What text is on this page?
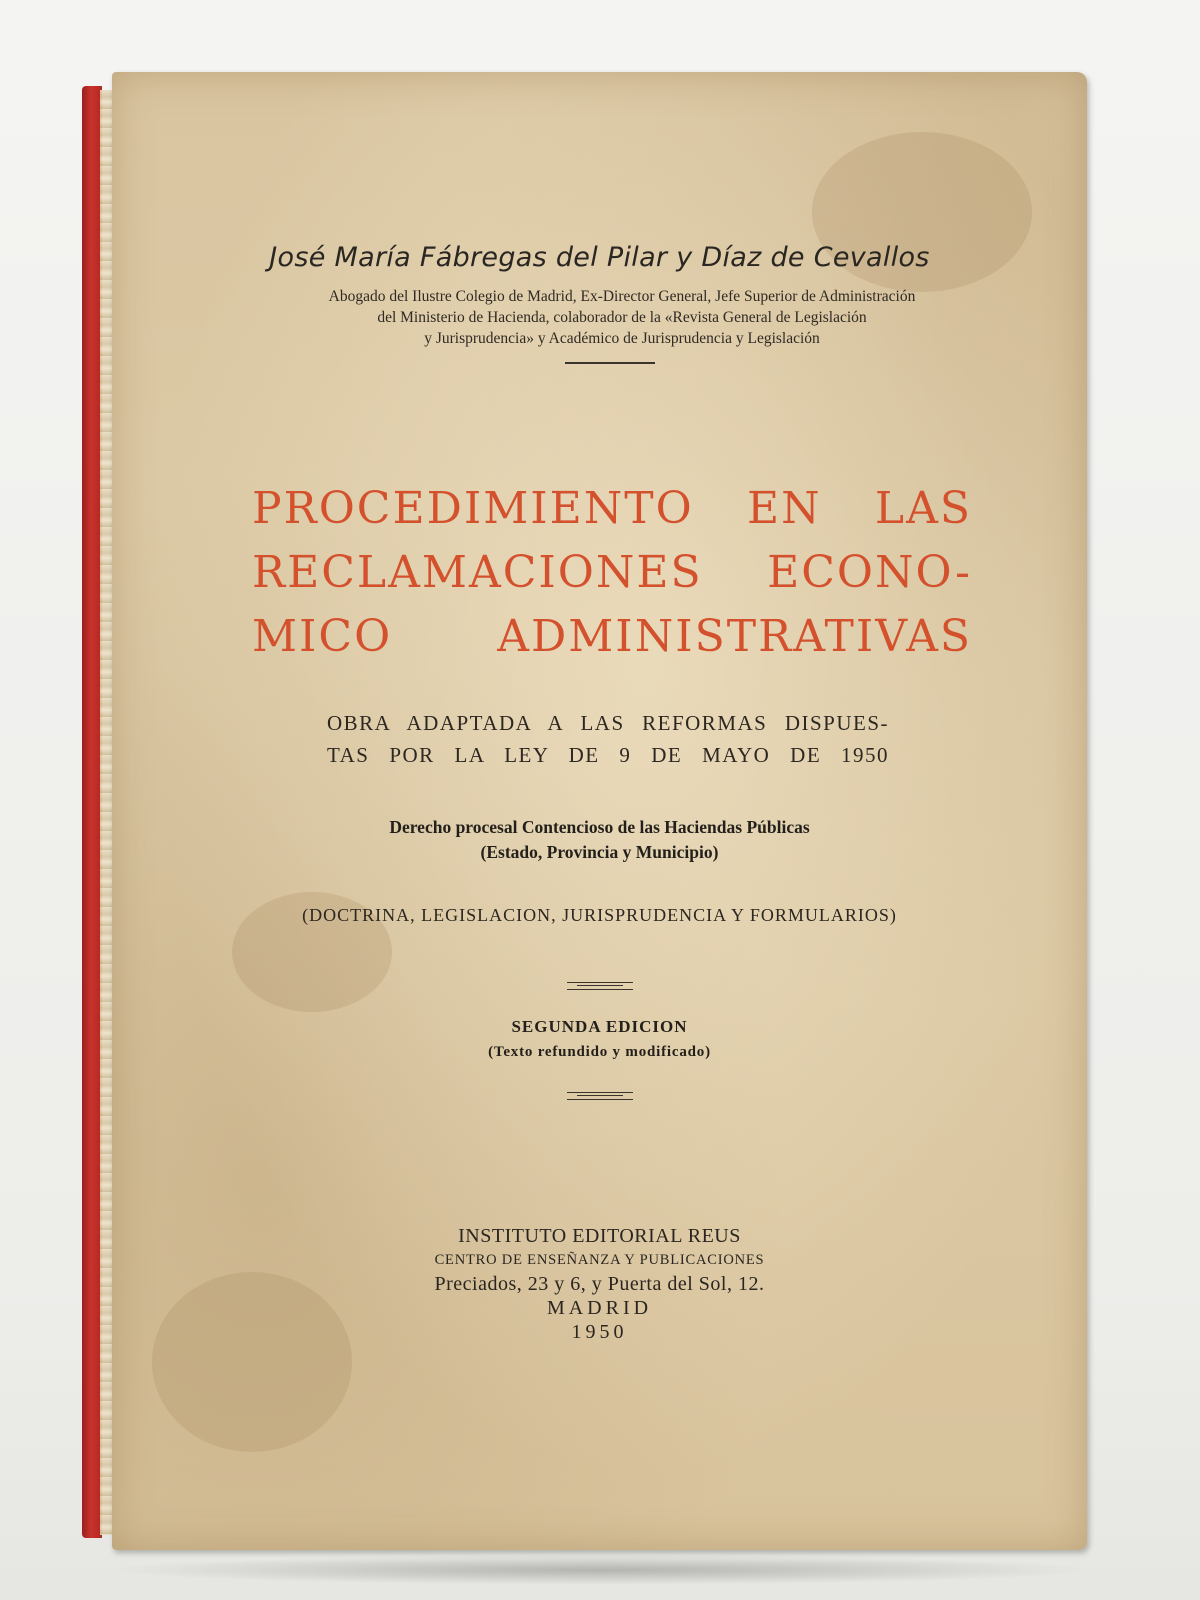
José María Fábregas del Pilar y Díaz de Cevallos
Abogado del Ilustre Colegio de Madrid, Ex-Director General, Jefe Superior de Administración
del Ministerio de Hacienda, colaborador de la «Revista General de Legislación
y Jurisprudencia» y Académico de Jurisprudencia y Legislación
PROCEDIMIENTO EN LAS
RECLAMACIONES ECONO-
MICO ADMINISTRATIVAS
OBRA ADAPTADA A LAS REFORMAS DISPUES-
TAS POR LA LEY DE 9 DE MAYO DE 1950
Derecho procesal Contencioso de las Haciendas Públicas
(Estado, Provincia y Municipio)
(DOCTRINA, LEGISLACION, JURISPRUDENCIA Y FORMULARIOS)
SEGUNDA EDICION
(Texto refundido y modificado)
INSTITUTO EDITORIAL REUS
CENTRO DE ENSEÑANZA Y PUBLICACIONES
Preciados, 23 y 6, y Puerta del Sol, 12.
MADRID
1950
